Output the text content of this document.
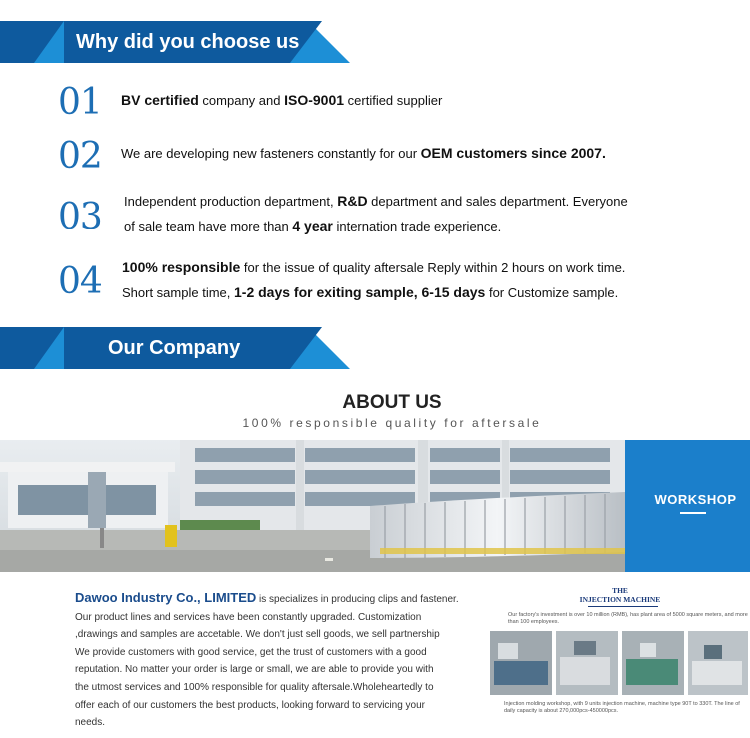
Why did you choose us
01 BV certified company and ISO-9001 certified supplier
02 We are developing new fasteners constantly for our OEM customers since 2007.
03 Independent production department, R&D department and sales department. Everyone
of sale team have more than 4 year internation trade experience.
04 100% responsible for the issue of quality aftersale Reply within 2 hours on work time.
Short sample time, 1-2 days for exiting sample, 6-15 days for Customize sample.
Our Company
ABOUT US
100% responsible quality for aftersale
WORKSHOP
Dawoo Industry Co., LIMITED is specializes in producing clips and fastener.
Our product lines and services have been constantly upgraded. Customization
,drawings and samples are accetable. We don't just sell goods, we sell partnership
We provide customers with good service, get the trust of customers with a good
reputation. No matter your order is large or small, we are able to provide you with
the utmost services and 100% responsible for quality aftersale.Wholeheartedly to
offer each of our customers the best products, looking forward to servicing your
needs.
THE
INJECTION MACHINE
Our factory's investment is over 10 million (RMB), has plant area of 5000 square meters, and more than 100 employees.
Injection molding workshop, with 9 units injection machine, machine type 90T to 330T. The line of daily capacity is about 270,000pcs-450000pcs.
